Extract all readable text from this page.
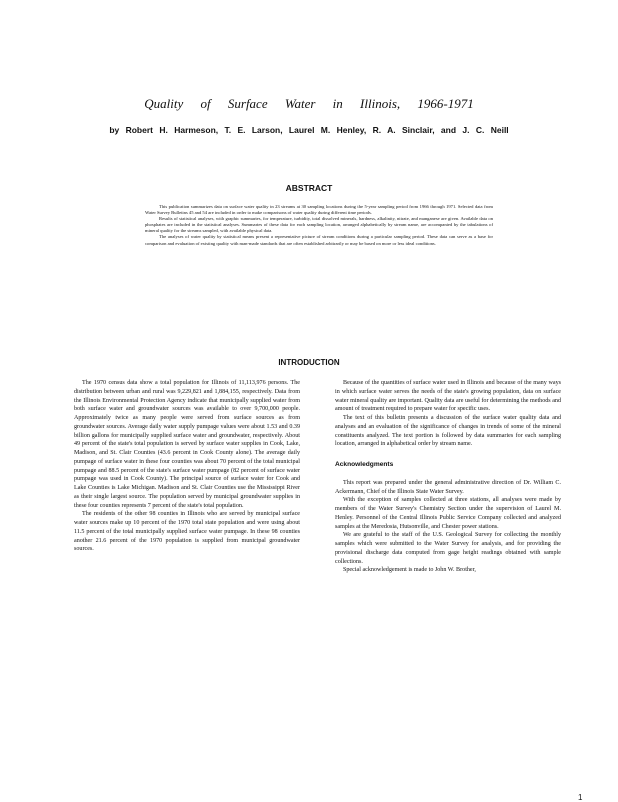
Quality of Surface Water in Illinois, 1966-1971
by Robert H. Harmeson, T. E. Larson, Laurel M. Henley, R. A. Sinclair, and J. C. Neill
ABSTRACT

This publication summarizes data on surface water quality in 23 streams at 30 sampling locations during the 5-year sampling period from 1966 through 1971. Selected data from Water Survey Bulletins 45 and 54 are included in order to make comparisons of water quality during different time periods.

Results of statistical analyses, with graphic summaries, for temperature, turbidity, total dissolved minerals, hardness, alkalinity, nitrate, and manganese are given. Available data on phosphates are included in the statistical analyses. Summaries of these data for each sampling location, arranged alphabetically by stream name, are accompanied by the tabulations of mineral quality for the streams sampled, with available physical data.

The analyses of water quality by statistical means present a representative picture of stream conditions during a particular sampling period. These data can serve as a base for comparison and evaluation of existing quality with man-made standards that are often established arbitrarily or may be based on more or less ideal conditions.

INTRODUCTION

The 1970 census data show a total population for Illinois of 11,113,976 persons. The distribution between urban and rural was 9,229,821 and 1,884,155, respectively. Data from the Illinois Environmental Protection Agency indicate that municipally supplied water from both surface water and groundwater sources was available to over 9,700,000 people. Approximately twice as many people were served from surface sources as from groundwater sources. Average daily water supply pumpage values were about 1.53 and 0.39 billion gallons for municipally supplied surface water and groundwater, respectively. About 49 percent of the state's total population is served by surface water supplies in Cook, Lake, Madison, and St. Clair Counties (43.6 percent in Cook County alone). The average daily pumpage of surface water in these four counties was about 70 percent of the total municipal pumpage and 88.5 percent of the state's surface water pumpage (82 percent of surface water pumpage was used in Cook County). The principal source of surface water for Cook and Lake Counties is Lake Michigan. Madison and St. Clair Counties use the Mississippi River as their single largest source. The population served by municipal groundwater supplies in these four counties represents 7 percent of the state's total population.

The residents of the other 98 counties in Illinois who are served by municipal surface water sources make up 10 percent of the 1970 total state population and were using about 11.5 percent of the total municipally supplied surface water pumpage. In these 98 counties another 21.6 percent of the 1970 population is supplied from municipal groundwater sources.

Because of the quantities of surface water used in Illinois and because of the many ways in which surface water serves the needs of the state's growing population, data on surface water mineral quality are important. Quality data are useful for determining the methods and amount of treatment required to prepare water for specific uses.

The text of this bulletin presents a discussion of the surface water quality data and analyses and an evaluation of the significance of changes in trends of some of the mineral constituents analyzed. The text portion is followed by data summaries for each sampling location, arranged in alphabetical order by stream name.

Acknowledgments

This report was prepared under the general administrative direction of Dr. William C. Ackermann, Chief of the Illinois State Water Survey.

With the exception of samples collected at three stations, all analyses were made by members of the Water Survey's Chemistry Section under the supervision of Laurel M. Henley. Personnel of the Central Illinois Public Service Company collected and analyzed samples at the Meredosia, Hutsonville, and Chester power stations.

We are grateful to the staff of the U.S. Geological Survey for collecting the monthly samples which were submitted to the Water Survey for analysis, and for providing the provisional discharge data computed from gage height readings obtained with sample collections.

Special acknowledgement is made to John W. Brother,

1
